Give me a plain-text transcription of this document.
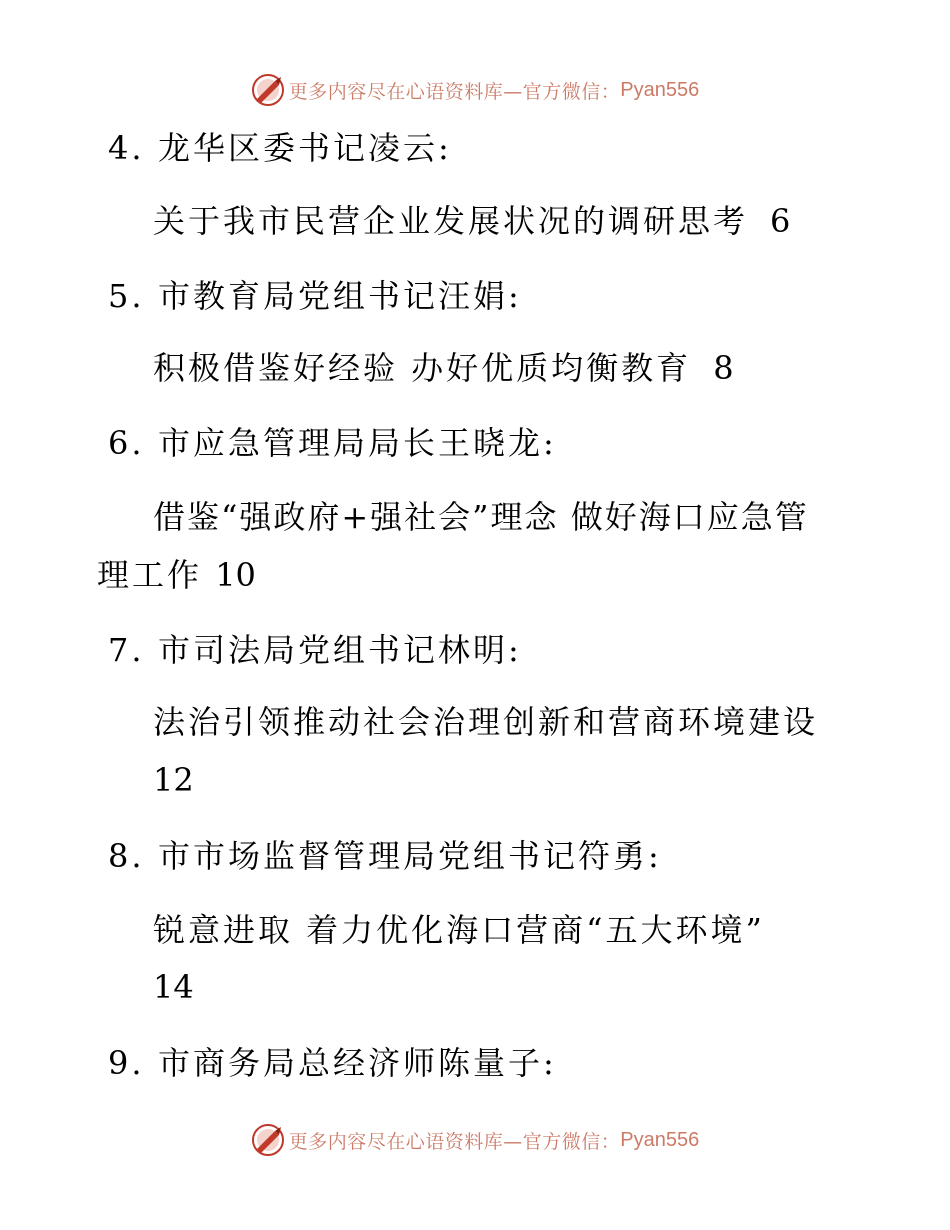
更多内容尽在心语资料库—官方微信： Pyan556
4. 龙华区委书记凌云:
关于我市民营企业发展状况的调研思考 6
5. 市教育局党组书记汪娟:
积极借鉴好经验 办好优质均衡教育 8
6. 市应急管理局局长王晓龙:
借鉴“强政府+强社会”理念 做好海口应急管
理工作 10
7. 市司法局党组书记林明:
法治引领推动社会治理创新和营商环境建设
12
8. 市市场监督管理局党组书记符勇:
锐意进取 着力优化海口营商“五大环境”
14
9. 市商务局总经济师陈量子:
更多内容尽在心语资料库—官方微信： Pyan556
